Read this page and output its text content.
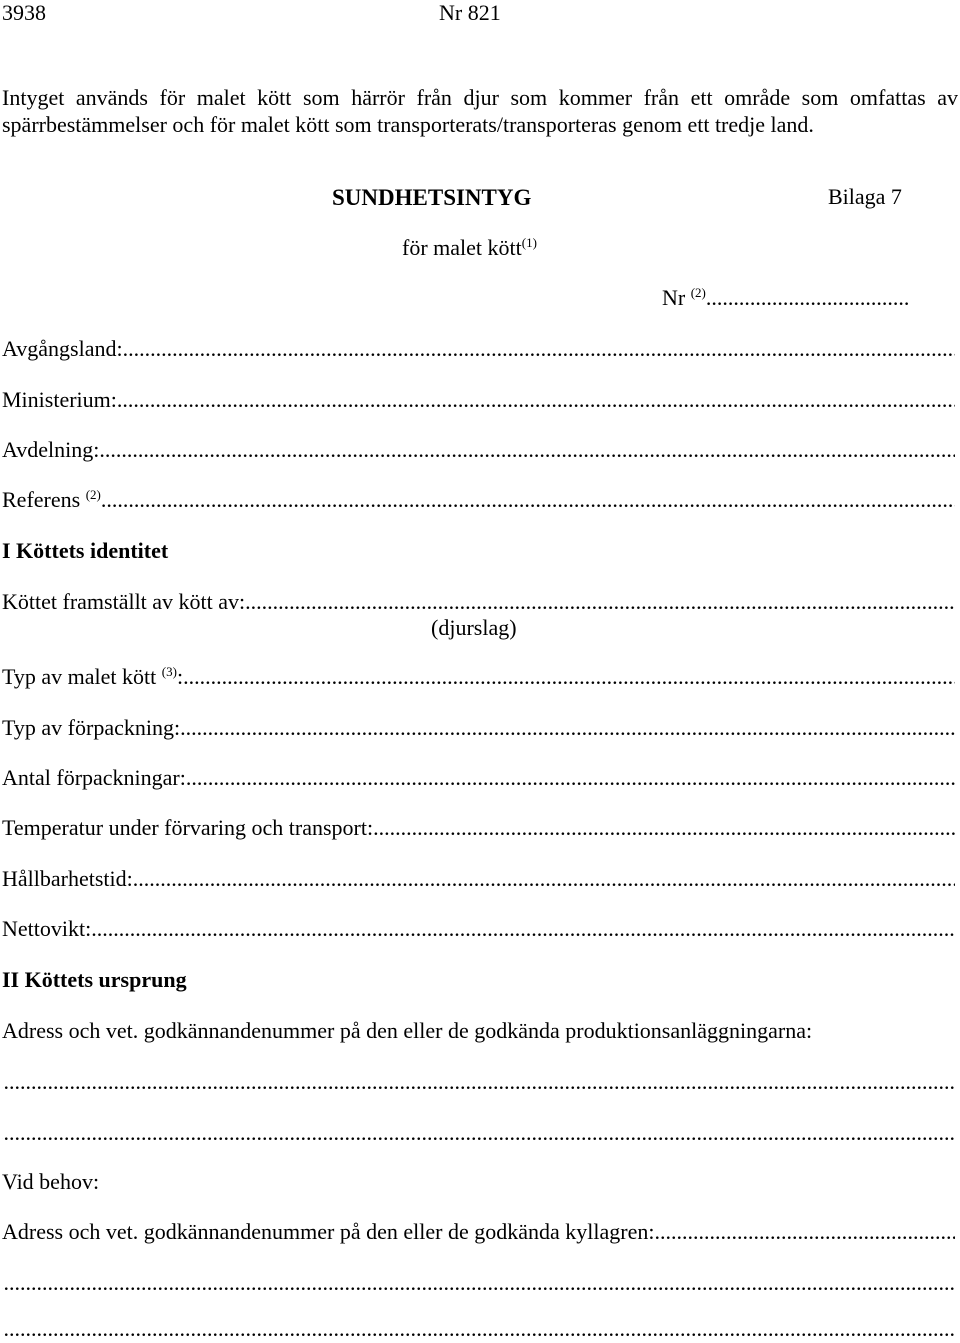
3938	Nr 821

Intyget används för malet kött som härrör från djur som kommer från ett område som omfattas av spärrbestämmelser och för malet kött som transporterats/transporteras genom ett tredje land.

SUNDHETSINTYG	Bilaga 7
för malet kött$^{(1)}$
Nr $^{(2)}$
.....
Avgångsland:
.....
Ministerium:
.....
Avdelning:
.....
Referens $^{(2)}$
.....
I Köttets identitet
Köttet framställt av kött av:
.....
(djurslag)
Typ av malet kött $^{(3)}$:
.....
Typ av förpackning:
.....
Antal förpackningar:
.....
Temperatur under förvaring och transport:
.....
Hållbarhetstid:
.....
Nettovikt:
.....
II Köttets ursprung
Adress och vet. godkännandenummer på den eller de godkända produktionsanläggningarna:
.....
.....
Vid behov:
Adress och vet. godkännandenummer på den eller de godkända kyllagren:
.....
.....
.....
